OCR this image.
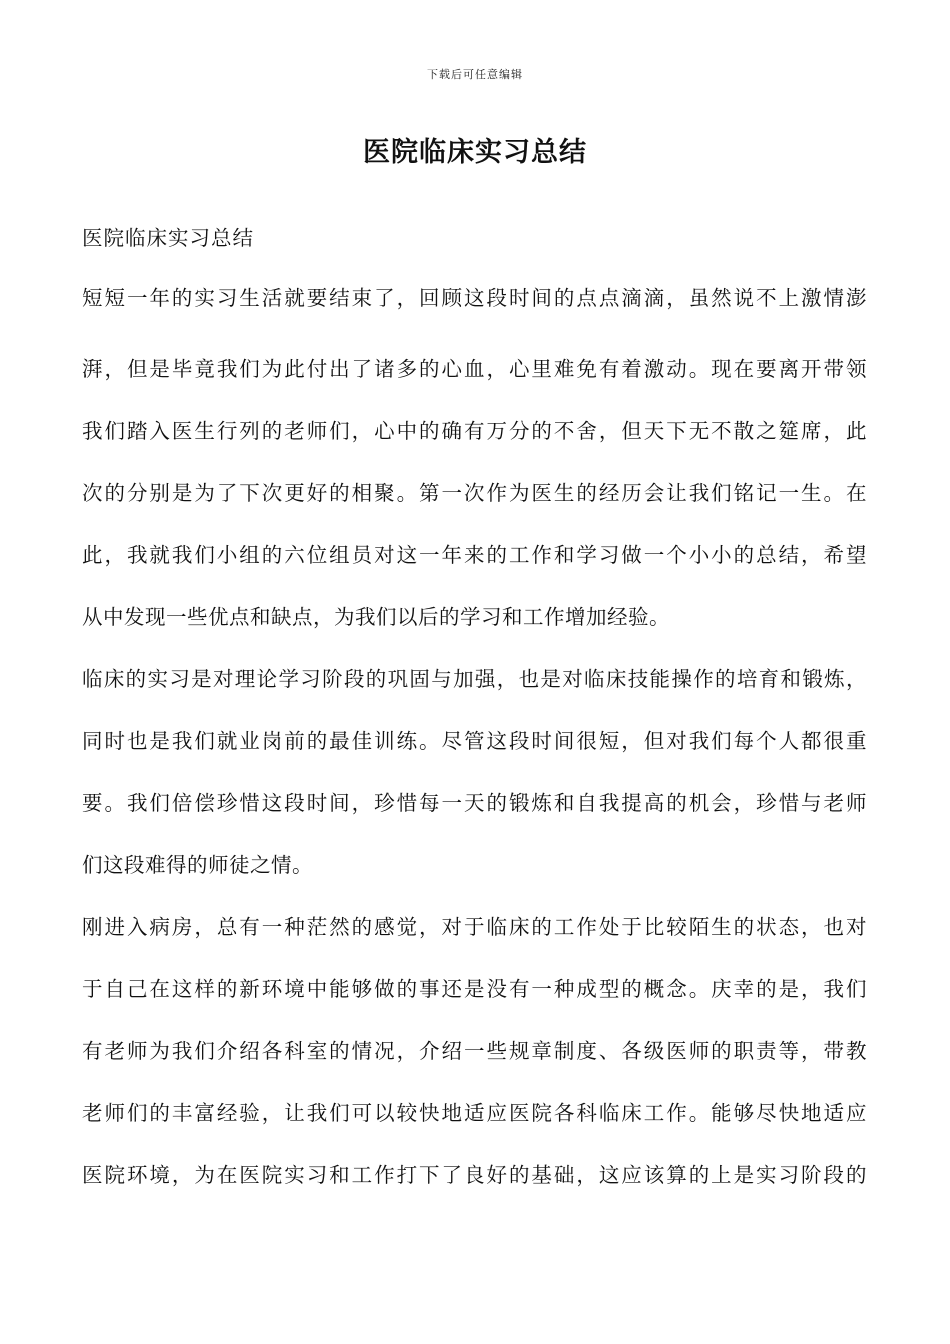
下载后可任意编辑
医院临床实习总结

医院临床实习总结

短短一年的实习生活就要结束了，回顾这段时间的点点滴滴，虽然说不上激情澎
湃，但是毕竟我们为此付出了诸多的心血，心里难免有着激动。现在要离开带领
我们踏入医生行列的老师们，心中的确有万分的不舍，但天下无不散之筵席，此
次的分别是为了下次更好的相聚。第一次作为医生的经历会让我们铭记一生。在
此，我就我们小组的六位组员对这一年来的工作和学习做一个小小的总结，希望
从中发现一些优点和缺点，为我们以后的学习和工作增加经验。
临床的实习是对理论学习阶段的巩固与加强，也是对临床技能操作的培育和锻炼，
同时也是我们就业岗前的最佳训练。尽管这段时间很短，但对我们每个人都很重
要。我们倍偿珍惜这段时间，珍惜每一天的锻炼和自我提高的机会，珍惜与老师
们这段难得的师徒之情。
刚进入病房，总有一种茫然的感觉，对于临床的工作处于比较陌生的状态，也对
于自己在这样的新环境中能够做的事还是没有一种成型的概念。庆幸的是，我们
有老师为我们介绍各科室的情况，介绍一些规章制度、各级医师的职责等，带教
老师们的丰富经验，让我们可以较快地适应医院各科临床工作。能够尽快地适应
医院环境，为在医院实习和工作打下了良好的基础，这应该算的上是实习阶段的
